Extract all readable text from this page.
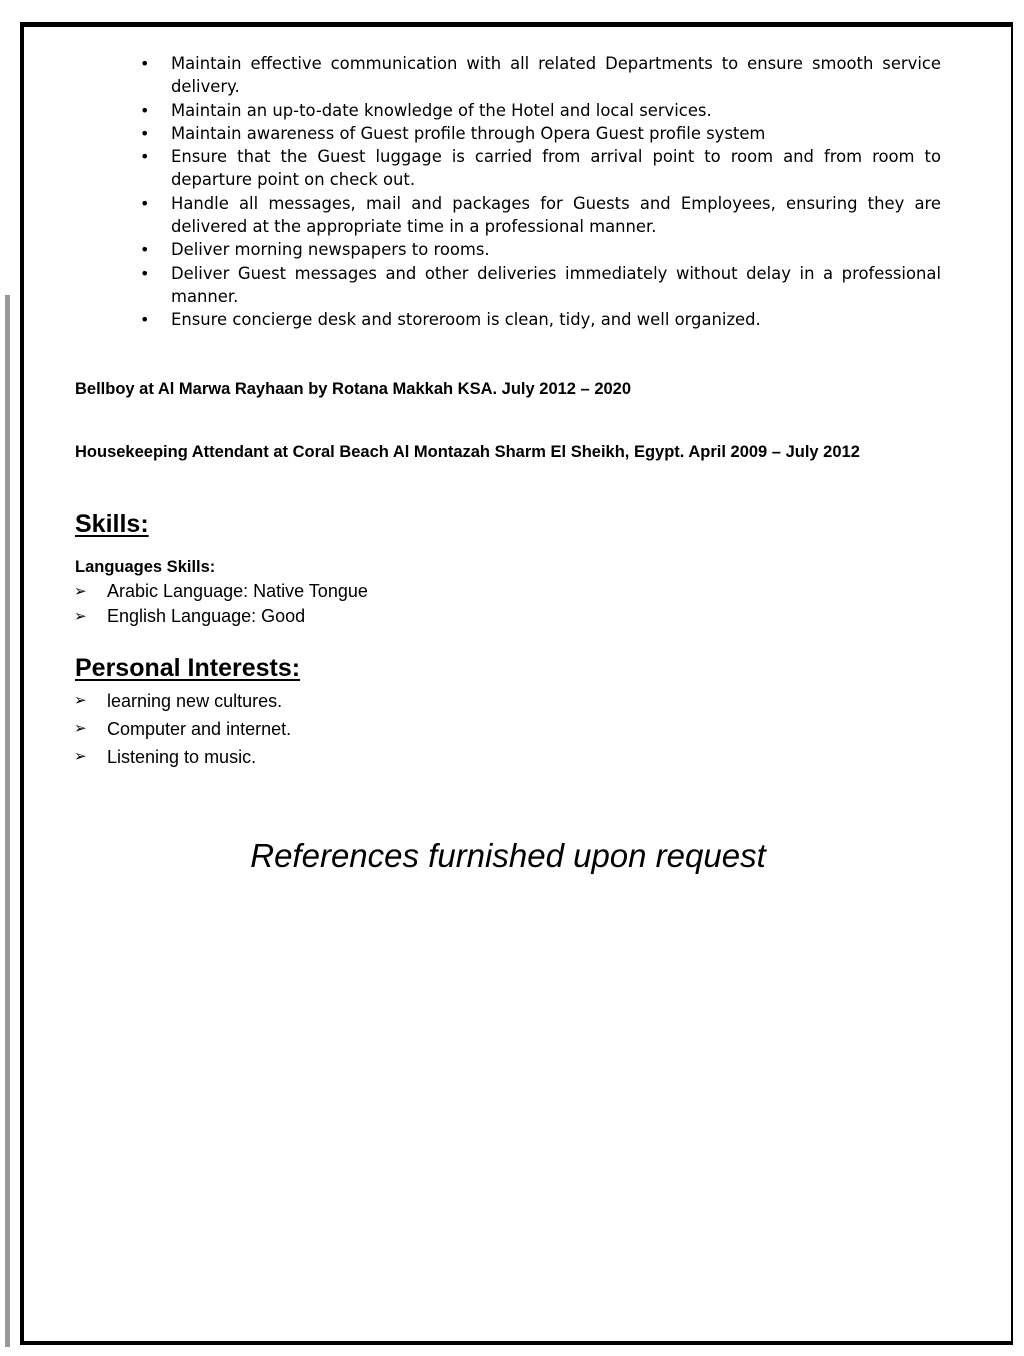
• Maintain effective communication with all related Departments to ensure smooth service delivery.
• Maintain an up-to-date knowledge of the Hotel and local services.
• Maintain awareness of Guest profile through Opera Guest profile system
• Ensure that the Guest luggage is carried from arrival point to room and from room to departure point on check out.
• Handle all messages, mail and packages for Guests and Employees, ensuring they are delivered at the appropriate time in a professional manner.
• Deliver morning newspapers to rooms.
• Deliver Guest messages and other deliveries immediately without delay in a professional manner.
• Ensure concierge desk and storeroom is clean, tidy, and well organized.

Bellboy at Al Marwa Rayhaan by Rotana Makkah KSA. July 2012 – 2020

Housekeeping Attendant at Coral Beach Al Montazah Sharm El Sheikh, Egypt. April 2009 – July 2012

Skills:

Languages Skills:

➢ Arabic Language: Native Tongue
➢ English Language: Good
Personal Interests:
➢ learning new cultures.
➢ Computer and internet.
➢ Listening to music.

References furnished upon request
